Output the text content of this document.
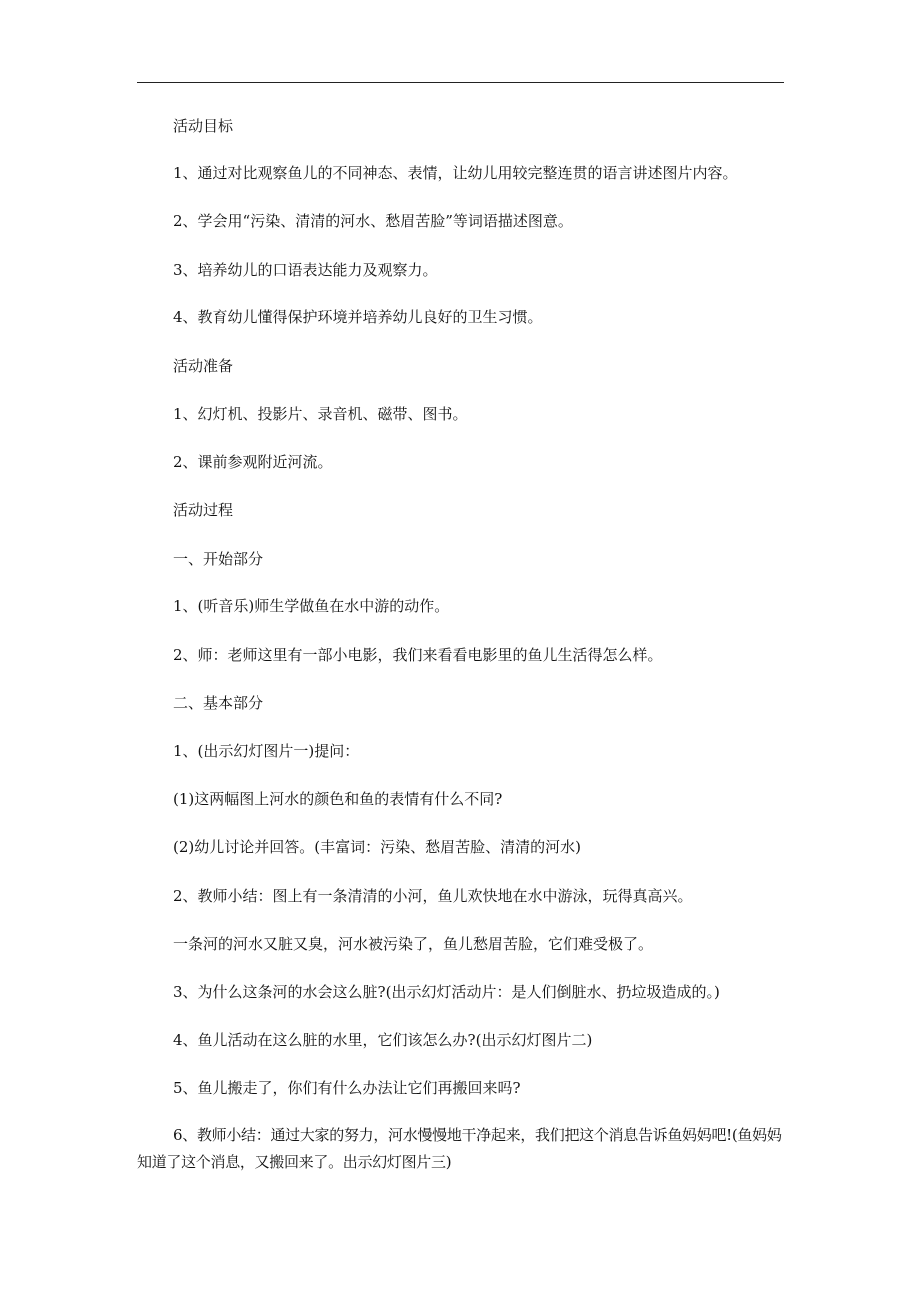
活动目标
1、通过对比观察鱼儿的不同神态、表情，让幼儿用较完整连贯的语言讲述图片内容。
2、学会用“污染、清清的河水、愁眉苦脸”等词语描述图意。
3、培养幼儿的口语表达能力及观察力。
4、教育幼儿懂得保护环境并培养幼儿良好的卫生习惯。
活动准备
1、幻灯机、投影片、录音机、磁带、图书。
2、课前参观附近河流。
活动过程
一、开始部分
1、(听音乐)师生学做鱼在水中游的动作。
2、师：老师这里有一部小电影，我们来看看电影里的鱼儿生活得怎么样。
二、基本部分
1、(出示幻灯图片一)提问：
(1)这两幅图上河水的颜色和鱼的表情有什么不同?
(2)幼儿讨论并回答。(丰富词：污染、愁眉苦脸、清清的河水)
2、教师小结：图上有一条清清的小河，鱼儿欢快地在水中游泳，玩得真高兴。
一条河的河水又脏又臭，河水被污染了，鱼儿愁眉苦脸，它们难受极了。
3、为什么这条河的水会这么脏?(出示幻灯活动片：是人们倒脏水、扔垃圾造成的。)
4、鱼儿活动在这么脏的水里，它们该怎么办?(出示幻灯图片二)
5、鱼儿搬走了，你们有什么办法让它们再搬回来吗?
6、教师小结：通过大家的努力，河水慢慢地干净起来，我们把这个消息告诉鱼妈妈吧!(鱼妈妈知道了这个消息，又搬回来了。出示幻灯图片三)
